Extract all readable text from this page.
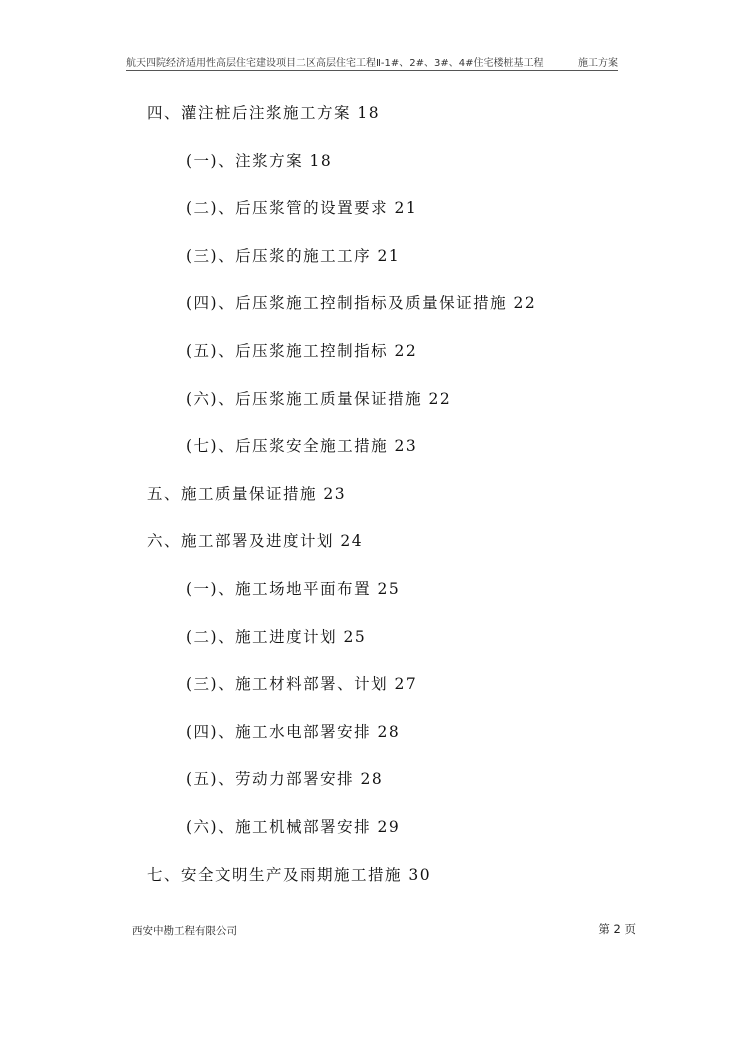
航天四院经济适用性高层住宅建设项目二区高层住宅工程Ⅱ-1#、2#、3#、4#住宅楼桩基工程	施工方案
四、灌注桩后注浆施工方案 18
(一)、注浆方案 18
(二)、后压浆管的设置要求 21
(三)、后压浆的施工工序 21
(四)、后压浆施工控制指标及质量保证措施 22
(五)、后压浆施工控制指标 22
(六)、后压浆施工质量保证措施 22
(七)、后压浆安全施工措施 23
五、施工质量保证措施 23
六、施工部署及进度计划 24
(一)、施工场地平面布置 25
(二)、施工进度计划 25
(三)、施工材料部署、计划 27
(四)、施工水电部署安排 28
(五)、劳动力部署安排 28
(六)、施工机械部署安排 29
七、安全文明生产及雨期施工措施 30
西安中勘工程有限公司	第 2 页
